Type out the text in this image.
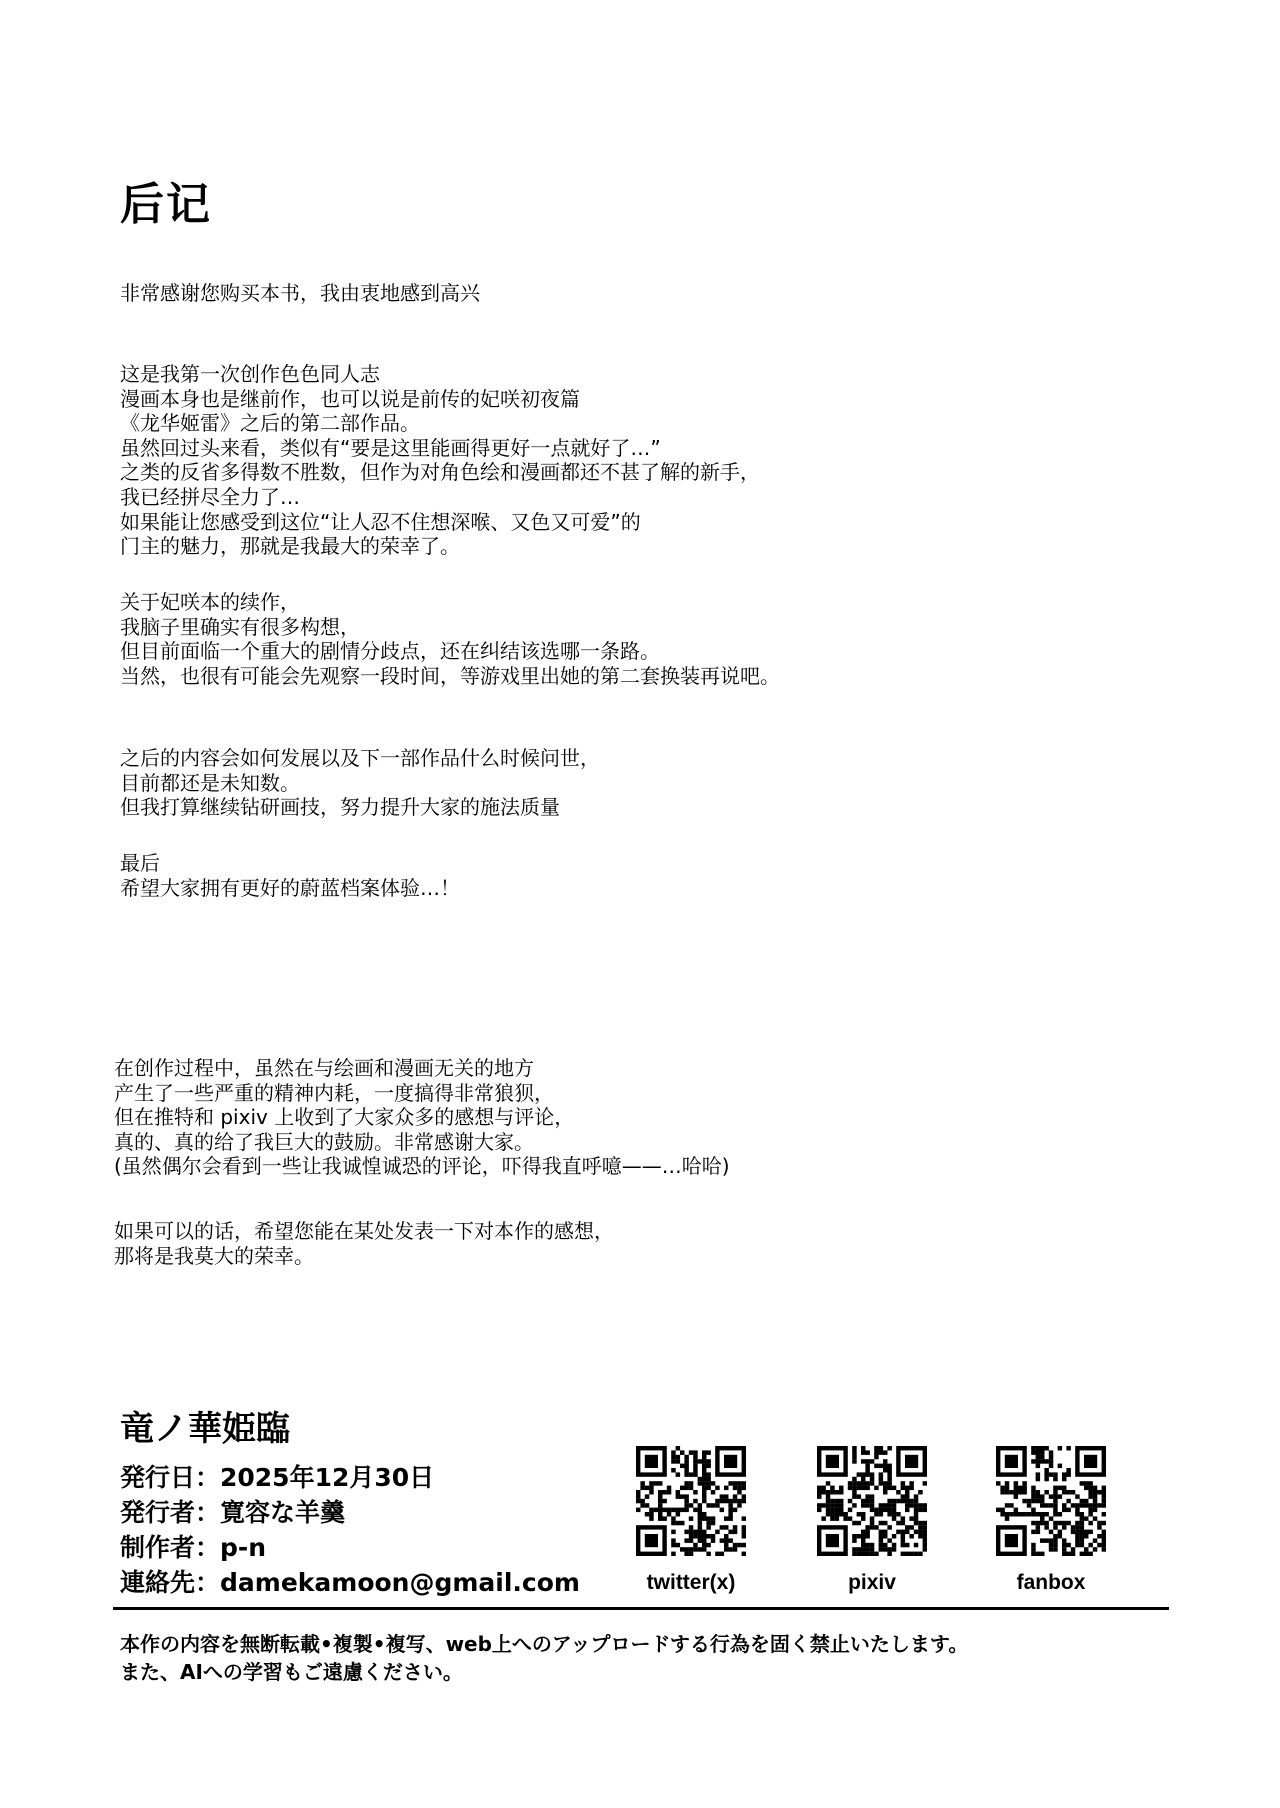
后记
非常感谢您购买本书，我由衷地感到高兴
这是我第一次创作色色同人志
漫画本身也是继前作，也可以说是前传的妃咲初夜篇
《龙华姬雷》之后的第二部作品。
虽然回过头来看，类似有“要是这里能画得更好一点就好了…”
之类的反省多得数不胜数，但作为对角色绘和漫画都还不甚了解的新手，
我已经拼尽全力了…
如果能让您感受到这位“让人忍不住想深喉、又色又可爱”的
门主的魅力，那就是我最大的荣幸了。
关于妃咲本的续作，
我脑子里确实有很多构想，
但目前面临一个重大的剧情分歧点，还在纠结该选哪一条路。
当然，也很有可能会先观察一段时间，等游戏里出她的第二套换装再说吧。
之后的内容会如何发展以及下一部作品什么时候问世，
目前都还是未知数。
但我打算继续钻研画技，努力提升大家的施法质量
最后
希望大家拥有更好的蔚蓝档案体验…！
在创作过程中，虽然在与绘画和漫画无关的地方
产生了一些严重的精神内耗，一度搞得非常狼狈，
但在推特和 pixiv 上收到了大家众多的感想与评论，
真的、真的给了我巨大的鼓励。非常感谢大家。
(虽然偶尔会看到一些让我诚惶诚恐的评论，吓得我直呼噫——…哈哈)
如果可以的话，希望您能在某处发表一下对本作的感想，
那将是我莫大的荣幸。
竜ノ華姫臨
発行日：2025年12月30日
発行者：寛容な羊羹
制作者：p-n
連絡先：damekamoon@gmail.com	twitter(x)	pixiv	fanbox
本作の内容を無断転載•複製•複写、web上へのアップロードする行為を固く禁止いたします。
また、AIへの学習もご遠慮ください。
